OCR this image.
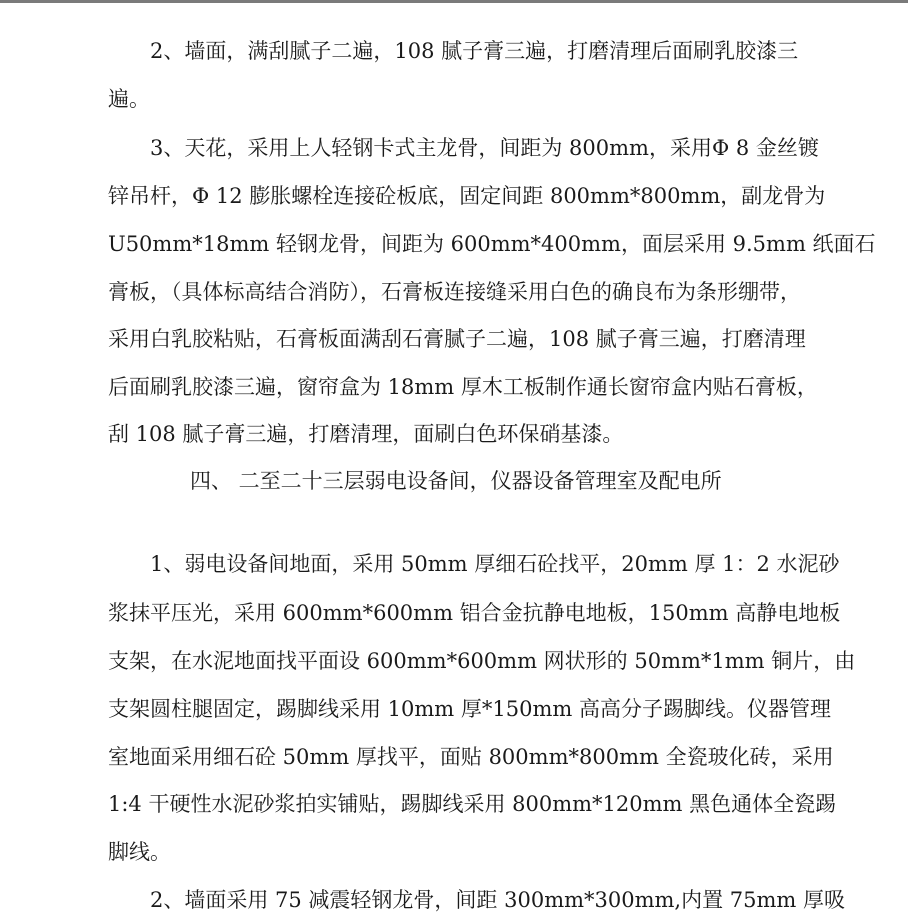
2、墙面，满刮腻子二遍，108 腻子膏三遍，打磨清理后面刷乳胶漆三
遍。
3、天花，采用上人轻钢卡式主龙骨，间距为 800mm，采用Φ 8 金丝镀
锌吊杆，Φ 12 膨胀螺栓连接砼板底，固定间距 800mm*800mm，副龙骨为
U50mm*18mm 轻钢龙骨，间距为 600mm*400mm，面层采用 9.5mm 纸面石
膏板，（具体标高结合消防），石膏板连接缝采用白色的确良布为条形绷带，
采用白乳胶粘贴，石膏板面满刮石膏腻子二遍，108 腻子膏三遍，打磨清理
后面刷乳胶漆三遍，窗帘盒为 18mm 厚木工板制作通长窗帘盒内贴石膏板，
刮 108 腻子膏三遍，打磨清理，面刷白色环保硝基漆。
四、 二至二十三层弱电设备间，仪器设备管理室及配电所
1、弱电设备间地面，采用 50mm 厚细石砼找平，20mm 厚 1：2 水泥砂
浆抹平压光，采用 600mm*600mm 铝合金抗静电地板，150mm 高静电地板
支架，在水泥地面找平面设 600mm*600mm 网状形的 50mm*1mm 铜片，由
支架圆柱腿固定，踢脚线采用 10mm 厚*150mm 高高分子踢脚线。仪器管理
室地面采用细石砼 50mm 厚找平，面贴 800mm*800mm 全瓷玻化砖，采用
1:4 干硬性水泥砂浆拍实铺贴，踢脚线采用 800mm*120mm 黑色通体全瓷踢
脚线。
2、墙面采用 75 减震轻钢龙骨，间距 300mm*300mm,内置 75mm 厚吸
